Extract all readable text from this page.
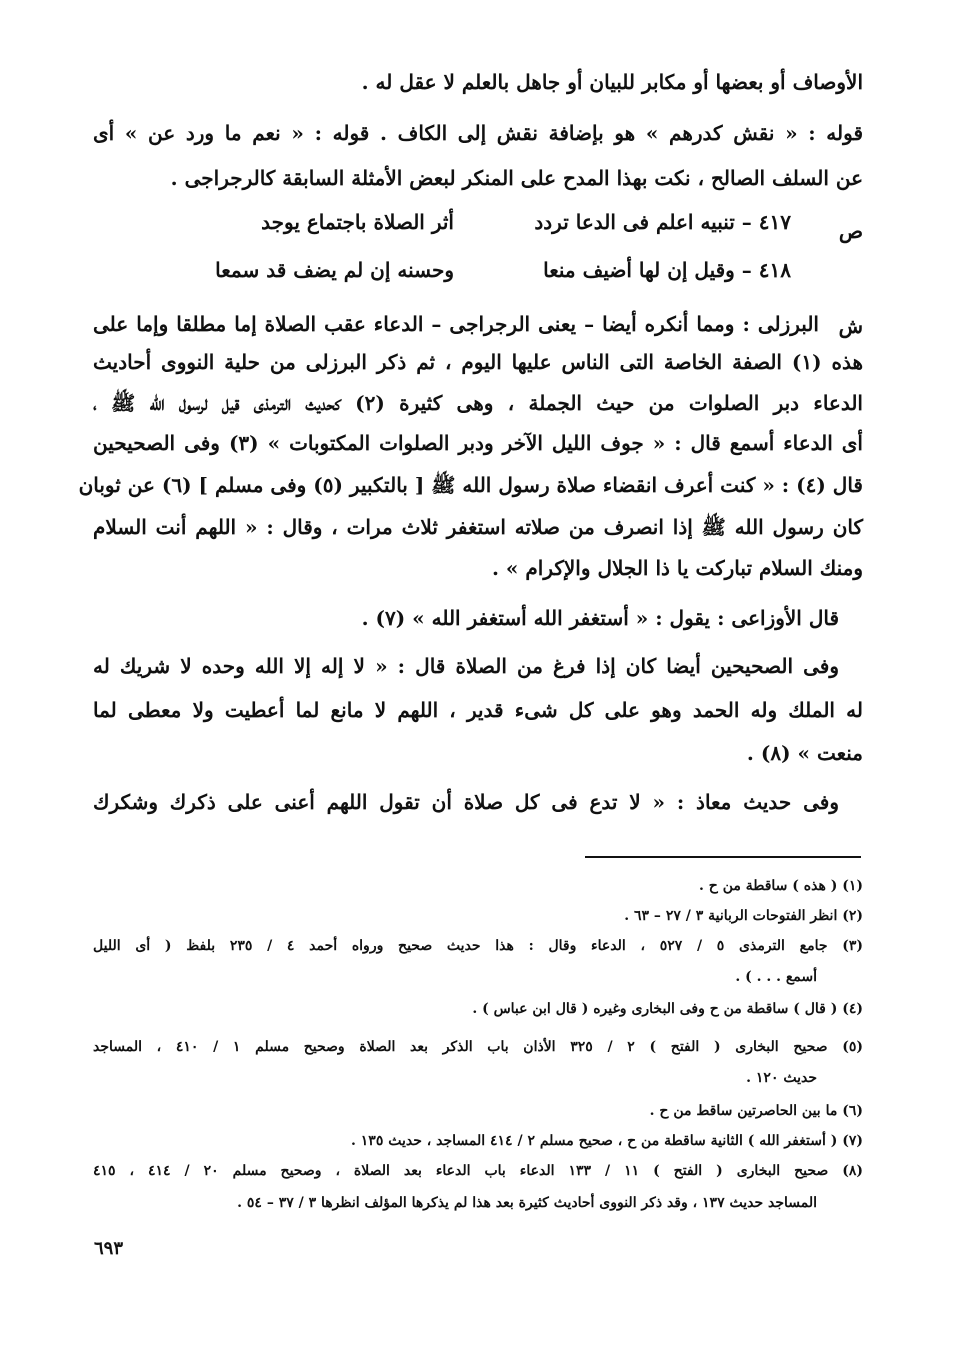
الأوصاف أو بعضها أو مكابر للبيان أو جاهل بالعلم لا عقل له .
قوله : « نقش كدرهم » هو بإضافة نقش إلى الكاف . قوله : « نعم ما ورد عن » أى
عن السلف الصالح ، نكت بهذا المدح على المنكر لبعض الأمثلة السابقة كالرجراجى .
ص
٤١٧ – تنبيه اعلم فى الدعا تردد
أثر الصلاة باجتماع يوجد
٤١٨ – وقيل إن لها أضيف منعا
وحسنه إن لم يضف قد سمعا
ش
البرزلى : ومما أنكره أيضا – يعنى الرجراجى – الدعاء عقب الصلاة إما مطلقا وإما على
هذه (١) الصفة الخاصة التى الناس عليها اليوم ، ثم ذكر البرزلى من حلية النووى أحاديث
الدعاء دبر الصلوات من حيث الجملة ، وهى كثيرة (٢) كحديث الترمذى قيل لرسول الله ﷺ ،
أى الدعاء أسمع قال : « جوف الليل الآخر ودبر الصلوات المكتوبات » (٣) وفى الصحيحين
قال (٤) : « كنت أعرف انقضاء صلاة رسول الله ﷺ [ بالتكبير (٥) وفى مسلم ] (٦) عن ثوبان
كان رسول الله ﷺ إذا انصرف من صلاته استغفر ثلاث مرات ، وقال : « اللهم أنت السلام
ومنك السلام تباركت يا ذا الجلال والإكرام » .
قال الأوزاعى : يقول : « أستغفر الله أستغفر الله » (٧) .
وفى الصحيحين أيضا كان إذا فرغ من الصلاة قال : « لا إله إلا الله وحده لا شريك له
له الملك وله الحمد وهو على كل شىء قدير ، اللهم لا مانع لما أعطيت ولا معطى لما
منعت » (٨) .
وفى حديث معاذ : « لا تدع فى كل صلاة أن تقول اللهم أعنى على ذكرك وشكرك
(١) ( هذه ) ساقطة من ح .
(٢) انظر الفتوحات الربانية ٣ / ٢٧ – ٦٣ .
(٣) جامع الترمذى ٥ / ٥٢٧ ، الدعاء وقال : هذا حديث صحيح ورواه أحمد ٤ / ٢٣٥ بلفظ ( أى الليل
أسمع . . . ) .
(٤) ( قال ) ساقطة من ح وفى البخارى وغيره ( قال ابن عباس ) .
(٥) صحيح البخارى ( الفتح ) ٢ / ٣٢٥ الأذان باب الذكر بعد الصلاة وصحيح مسلم ١ / ٤١٠ ، المساجد
حديث ١٢٠ .
(٦) ما بين الحاصرتين ساقط من ح .
(٧) ( أستغفر الله ) الثانية ساقطة من ح ، صحيح مسلم ٢ / ٤١٤ المساجد ، حديث ١٣٥ .
(٨) صحيح البخارى ( الفتح ) ١١ / ١٣٣ الدعاء باب الدعاء بعد الصلاة ، وصحيح مسلم ٢٠ / ٤١٤ ، ٤١٥
المساجد حديث ١٣٧ ، وقد ذكر النووى أحاديث كثيرة بعد هذا لم يذكرها المؤلف انظرها ٣ / ٣٧ – ٥٤ .
٦٩٣
